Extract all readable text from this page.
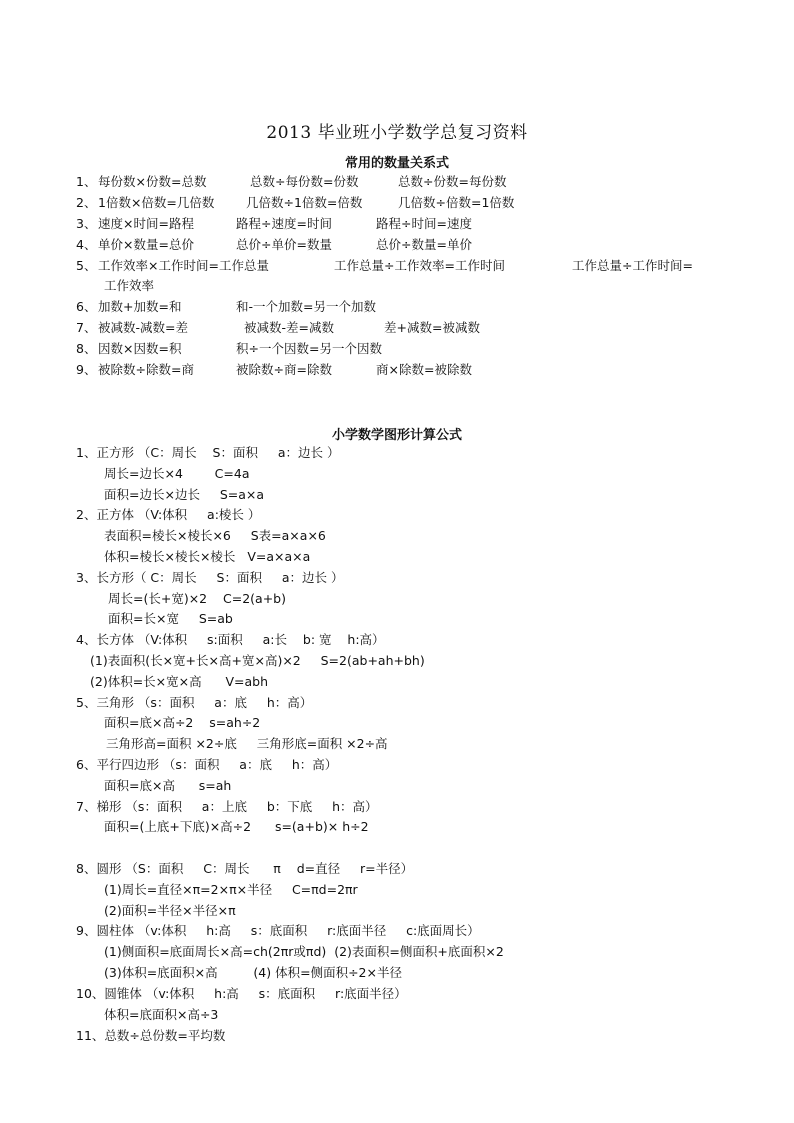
2013 毕业班小学数学总复习资料
常用的数量关系式
1、 每份数×份数=总数	总数÷每份数=份数	总数÷份数=每份数
2、 1倍数×倍数=几倍数	几倍数÷1倍数=倍数	几倍数÷倍数=1倍数
3、 速度×时间=路程	路程÷速度=时间	路程÷时间=速度
4、 单价×数量=总价	总价÷单价=数量	总价÷数量=单价
5、 工作效率×工作时间=工作总量	工作总量÷工作效率=工作时间	工作总量÷工作时间=
工作效率
6、 加数+加数=和	和-一个加数=另一个加数
7、 被减数-减数=差	被减数-差=减数	差+减数=被减数
8、 因数×因数=积	积÷一个因数=另一个因数
9、 被除数÷除数=商	被除数÷商=除数	商×除数=被除数
小学数学图形计算公式
1、正方形 （C：周长    S：面积     a：边长 ）
周长=边长×4        C=4a
面积=边长×边长     S=a×a
2、正方体 （V:体积     a:棱长 ）
表面积=棱长×棱长×6     S表=a×a×6
体积=棱长×棱长×棱长   V=a×a×a
3、长方形（ C：周长     S：面积     a：边长 ）
周长=(长+宽)×2    C=2(a+b)
面积=长×宽     S=ab
4、长方体 （V:体积     s:面积     a:长    b: 宽    h:高）
(1)表面积(长×宽+长×高+宽×高)×2     S=2(ab+ah+bh)
(2)体积=长×宽×高      V=abh
5、三角形 （s：面积     a：底     h：高）
面积=底×高÷2    s=ah÷2
三角形高=面积 ×2÷底     三角形底=面积 ×2÷高
6、平行四边形 （s：面积     a：底     h：高）
面积=底×高      s=ah
7、梯形 （s：面积     a：上底     b：下底     h：高）
面积=(上底+下底)×高÷2      s=(a+b)× h÷2
8、圆形 （S：面积     C：周长      π    d=直径     r=半径）
(1)周长=直径×π=2×π×半径     C=πd=2πr
(2)面积=半径×半径×π
9、圆柱体 （v:体积     h:高     s：底面积     r:底面半径     c:底面周长）
(1)侧面积=底面周长×高=ch(2πr或πd)  (2)表面积=侧面积+底面积×2
(3)体积=底面积×高         (4) 体积=侧面积÷2×半径
10、圆锥体 （v:体积     h:高     s：底面积     r:底面半径）
体积=底面积×高÷3
11、总数÷总份数=平均数
